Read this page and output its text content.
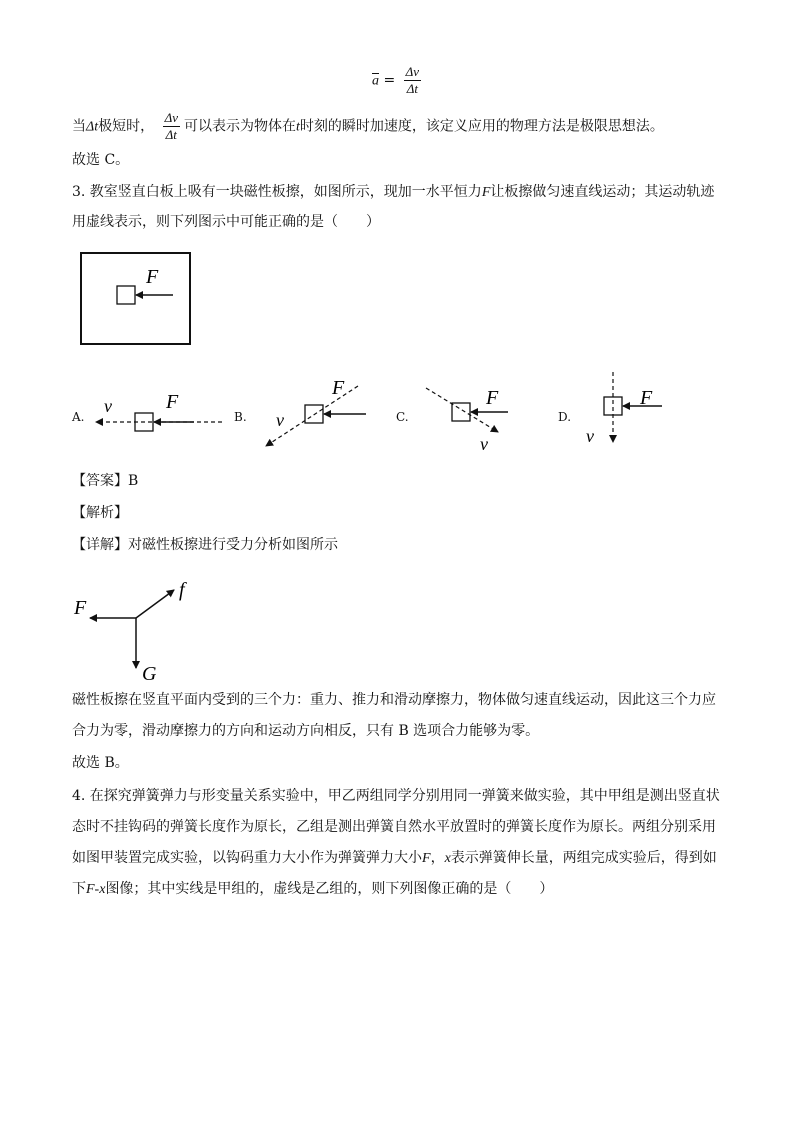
$\overline{a} = \frac{\Delta v}{\Delta t}$
当Δt极短时， $\frac{\Delta v}{\Delta t}$ 可以表示为物体在t时刻的瞬时加速度，该定义应用的物理方法是极限思想法。
故选 C。
3. 教室竖直白板上吸有一块磁性板擦，如图所示，现加一水平恒力F让板擦做匀速直线运动；其运动轨迹
用虚线表示，则下列图示中可能正确的是（　　）
F
A.
v	F
B. v
F
C.
v
F
D.
v
F
【答案】B
【解析】
【详解】对磁性板擦进行受力分析如图所示
F
f
G
磁性板擦在竖直平面内受到的三个力：重力、推力和滑动摩擦力，物体做匀速直线运动，因此这三个力应
合力为零，滑动摩擦力的方向和运动方向相反，只有 B 选项合力能够为零。
故选 B。
4. 在探究弹簧弹力与形变量关系实验中，甲乙两组同学分别用同一弹簧来做实验，其中甲组是测出竖直状
态时不挂钩码的弹簧长度作为原长，乙组是测出弹簧自然水平放置时的弹簧长度作为原长。两组分别采用
如图甲装置完成实验，以钩码重力大小作为弹簧弹力大小F，x表示弹簧伸长量，两组完成实验后，得到如
下F-x图像；其中实线是甲组的，虚线是乙组的，则下列图像正确的是（　　）
